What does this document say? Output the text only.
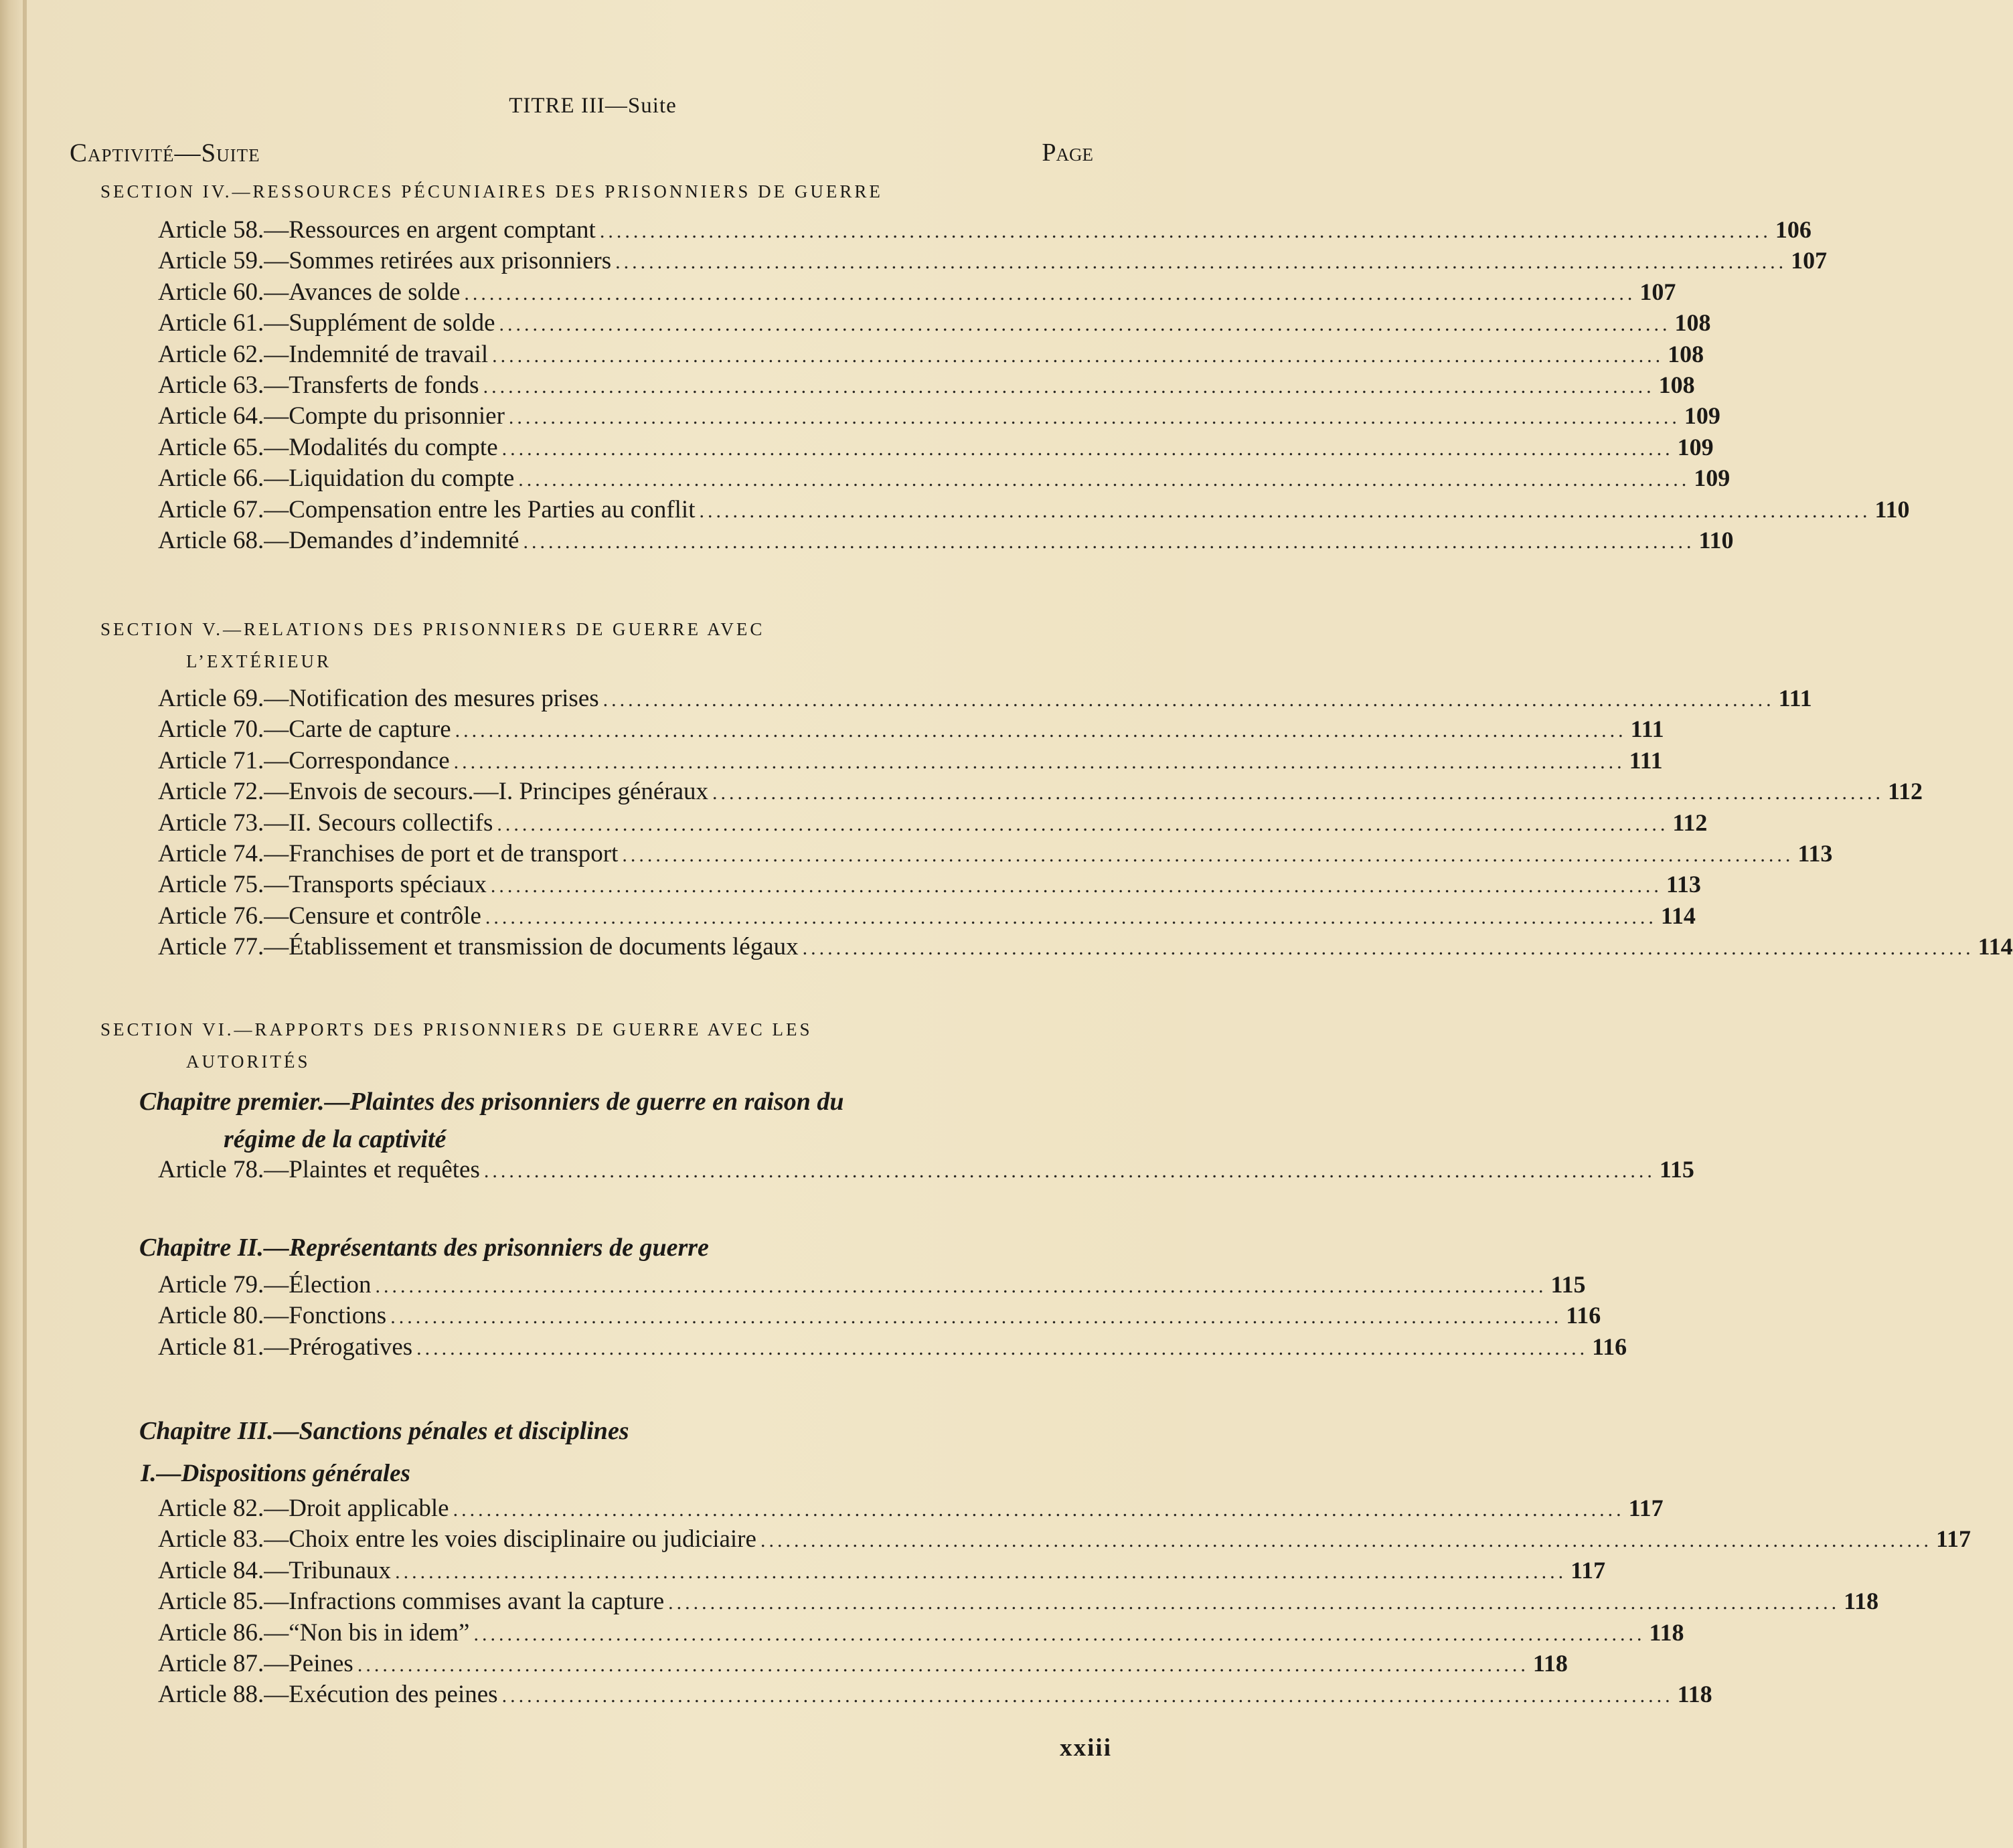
TITRE III—Suite
Captivité—Suite	Page
SECTION IV.—RESSOURCES PÉCUNIAIRES DES PRISONNIERS DE GUERRE
Article 58.—Ressources en argent comptant ............................................................................................................................................ 106
Article 59.—Sommes retirées aux prisonniers ............................................................................................................................................ 107
Article 60.—Avances de solde ............................................................................................................................................ 107
Article 61.—Supplément de solde ............................................................................................................................................ 108
Article 62.—Indemnité de travail ............................................................................................................................................ 108
Article 63.—Transferts de fonds ............................................................................................................................................ 108
Article 64.—Compte du prisonnier ............................................................................................................................................ 109
Article 65.—Modalités du compte ............................................................................................................................................ 109
Article 66.—Liquidation du compte ............................................................................................................................................ 109
Article 67.—Compensation entre les Parties au conflit ............................................................................................................................................ 110
Article 68.—Demandes d’indemnité ............................................................................................................................................ 110
SECTION V.—RELATIONS DES PRISONNIERS DE GUERRE AVEC
L’EXTÉRIEUR
Article 69.—Notification des mesures prises ............................................................................................................................................ 111
Article 70.—Carte de capture ............................................................................................................................................ 111
Article 71.—Correspondance ............................................................................................................................................ 111
Article 72.—Envois de secours.—I. Principes généraux ............................................................................................................................................ 112
Article 73.—II. Secours collectifs ............................................................................................................................................ 112
Article 74.—Franchises de port et de transport ............................................................................................................................................ 113
Article 75.—Transports spéciaux ............................................................................................................................................ 113
Article 76.—Censure et contrôle ............................................................................................................................................ 114
Article 77.—Établissement et transmission de documents légaux ............................................................................................................................................ 114
SECTION VI.—RAPPORTS DES PRISONNIERS DE GUERRE AVEC LES
AUTORITÉS
Chapitre premier.—Plaintes des prisonniers de guerre en raison du
régime de la captivité
Article 78.—Plaintes et requêtes ............................................................................................................................................ 115
Chapitre II.—Représentants des prisonniers de guerre
Article 79.—Élection ............................................................................................................................................ 115
Article 80.—Fonctions ............................................................................................................................................ 116
Article 81.—Prérogatives ............................................................................................................................................ 116
Chapitre III.—Sanctions pénales et disciplines
I.—Dispositions générales
Article 82.—Droit applicable ............................................................................................................................................ 117
Article 83.—Choix entre les voies disciplinaire ou judiciaire ............................................................................................................................................ 117
Article 84.—Tribunaux ............................................................................................................................................ 117
Article 85.—Infractions commises avant la capture ............................................................................................................................................ 118
Article 86.—“Non bis in idem” ............................................................................................................................................ 118
Article 87.—Peines ............................................................................................................................................ 118
Article 88.—Exécution des peines ............................................................................................................................................ 118
xxiii
